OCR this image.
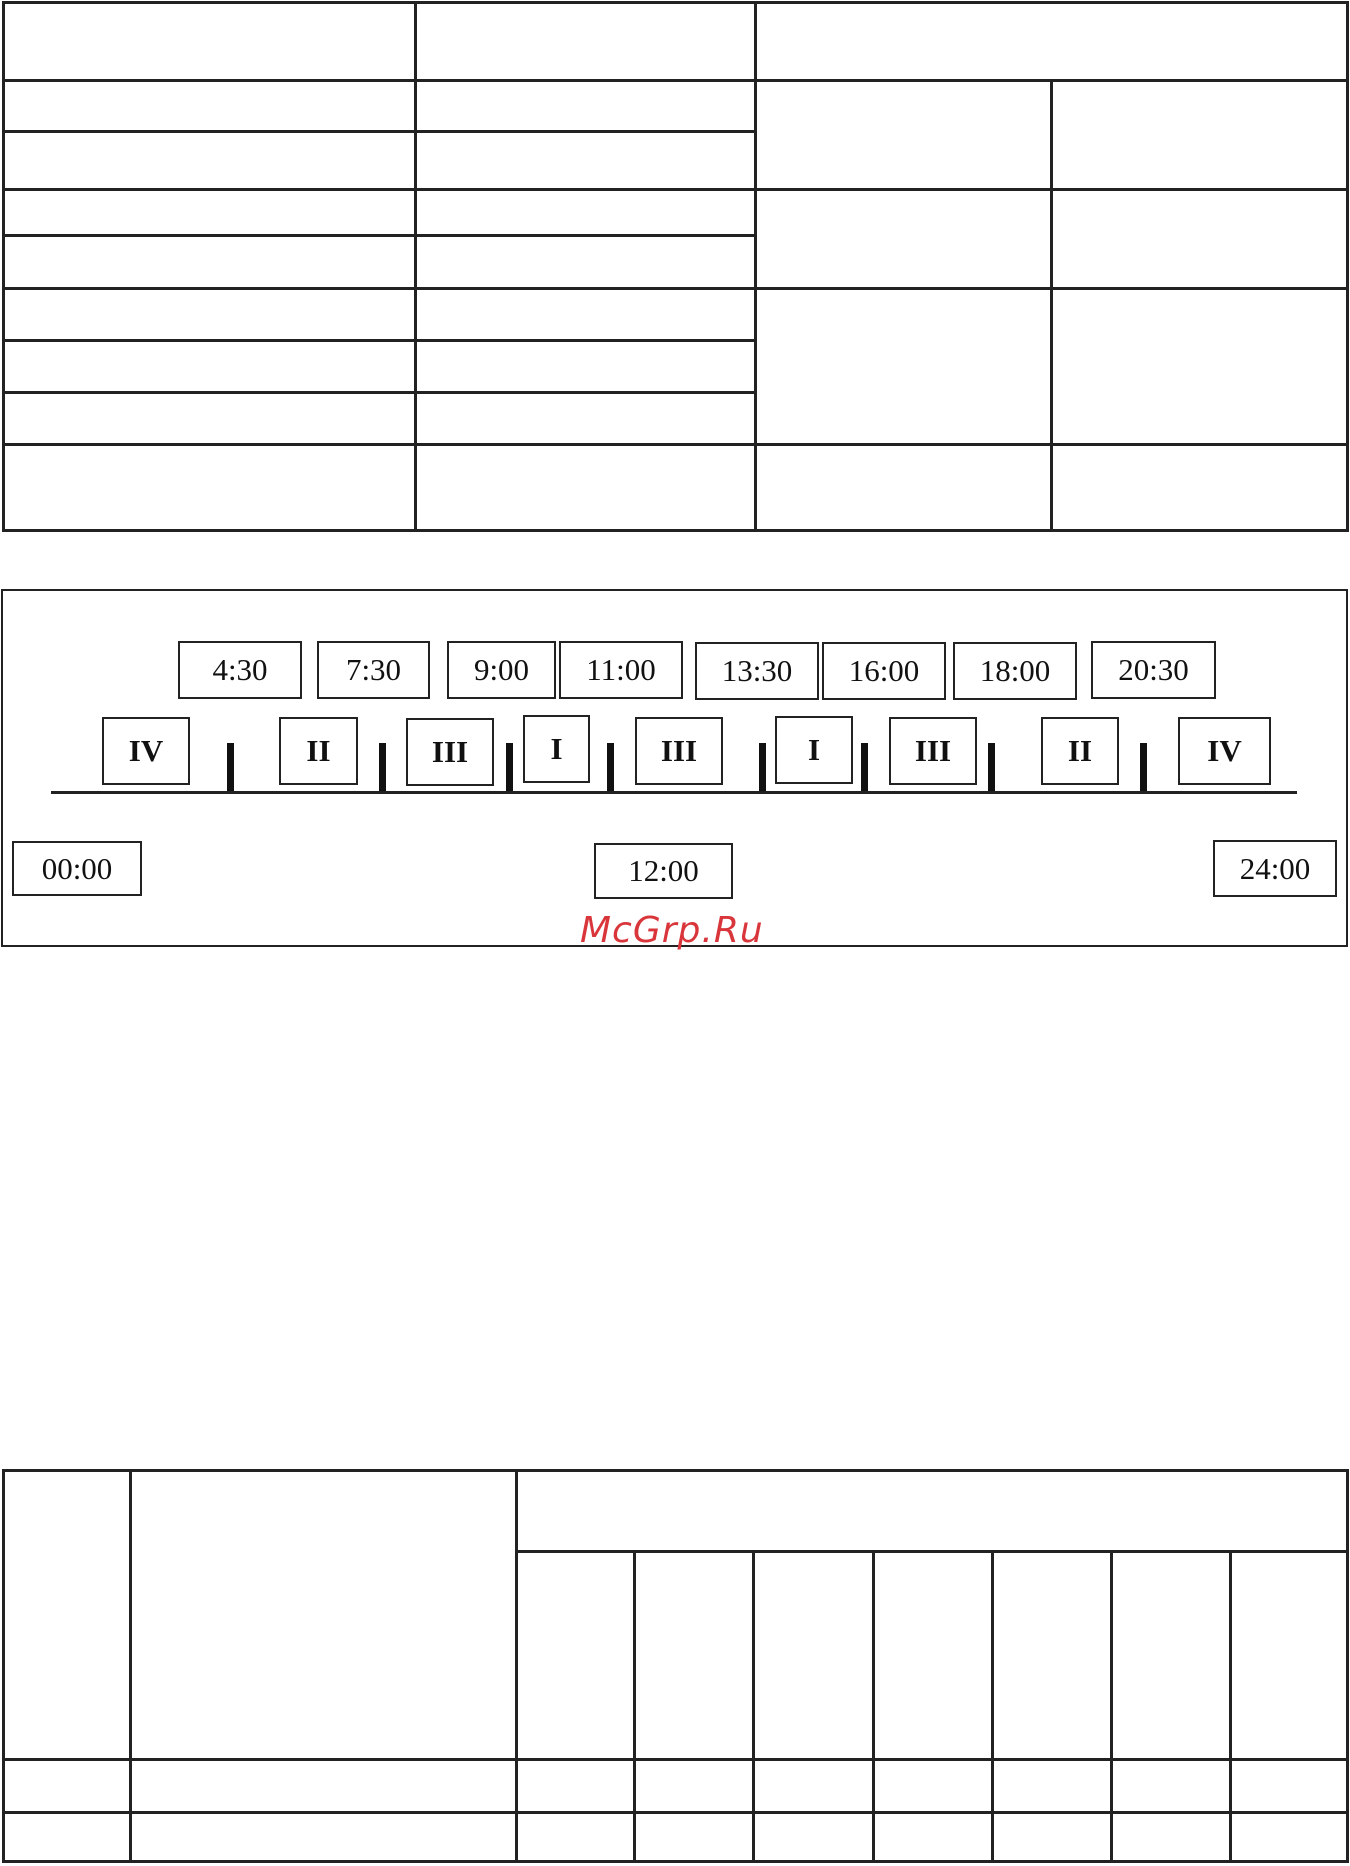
4:30	7:30	9:00	11:00	13:30	16:00	18:00	20:30
IV	II	III	I	III	I	III	II	IV
00:00	12:00	24:00
McGrp.Ru
